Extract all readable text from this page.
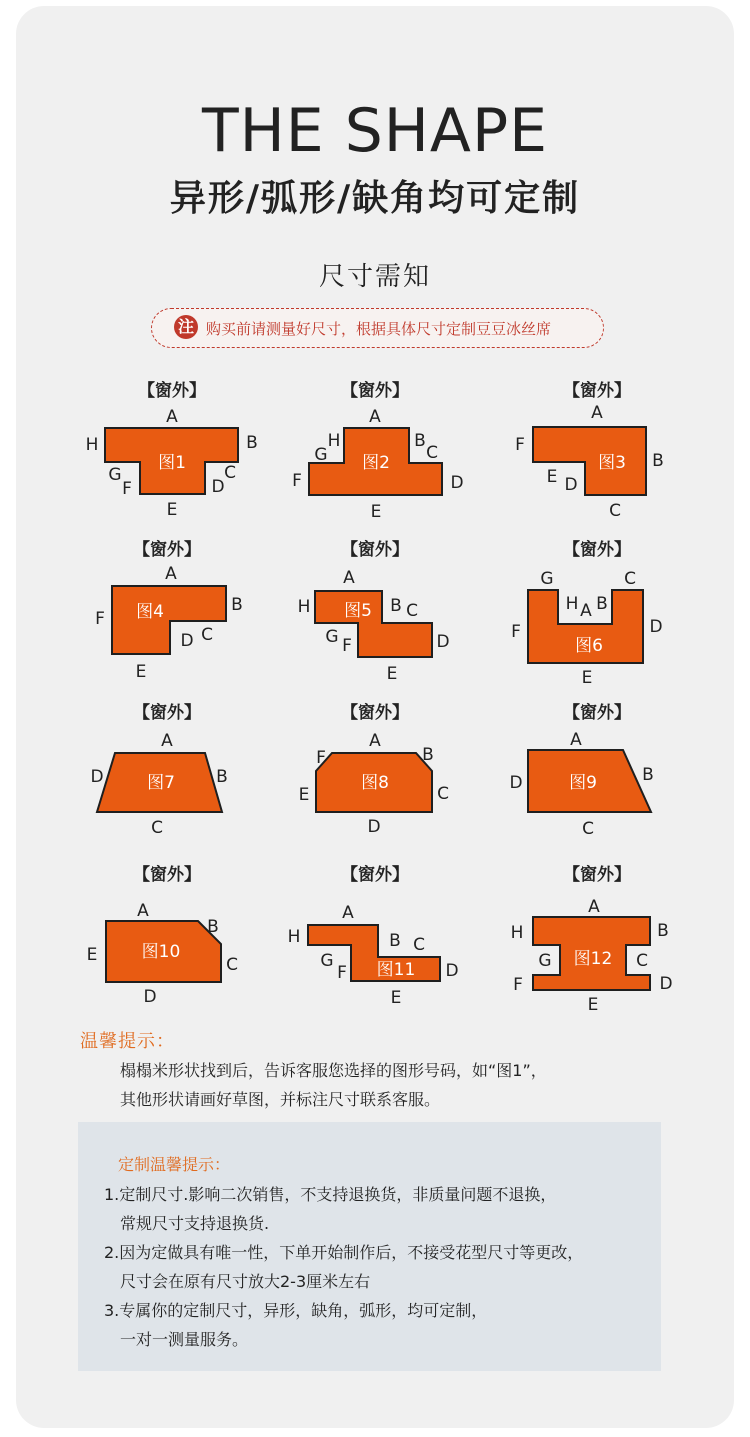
THE SHAPE
异形/弧形/缺角均可定制
尺寸需知
注 购买前请测量好尺寸，根据具体尺寸定制豆豆冰丝席
【窗外】
图1
A
B
C
D
E
F
G
H
【窗外】
图2
A
B
C
D
E
F
G
H
【窗外】
图3
A
B
C
D
E
F
【窗外】
图4
A
B
C
D
E
F
【窗外】
图5
A
B C
D
E
F
G
H
【窗外】
图6
A B
C
D
E
F
G
H
【窗外】
图7
A
B
C
D
【窗外】
图8
A
B
C
D
E
F
【窗外】
图9
A
B
C
D
【窗外】
图10
A
B
C
D
E
【窗外】
图11
A
B C
D
E
F
G
H
【窗外】
图12
A
B
C
D
E
F
G
H
温馨提示：
榻榻米形状找到后，告诉客服您选择的图形号码，如“图1”，
其他形状请画好草图，并标注尺寸联系客服。
定制温馨提示：
1.定制尺寸.影响二次销售，不支持退换货，非质量问题不退换，
常规尺寸支持退换货.
2.因为定做具有唯一性，下单开始制作后，不接受花型尺寸等更改，
尺寸会在原有尺寸放大2-3厘米左右
3.专属你的定制尺寸，异形，缺角，弧形，均可定制，
一对一测量服务。
